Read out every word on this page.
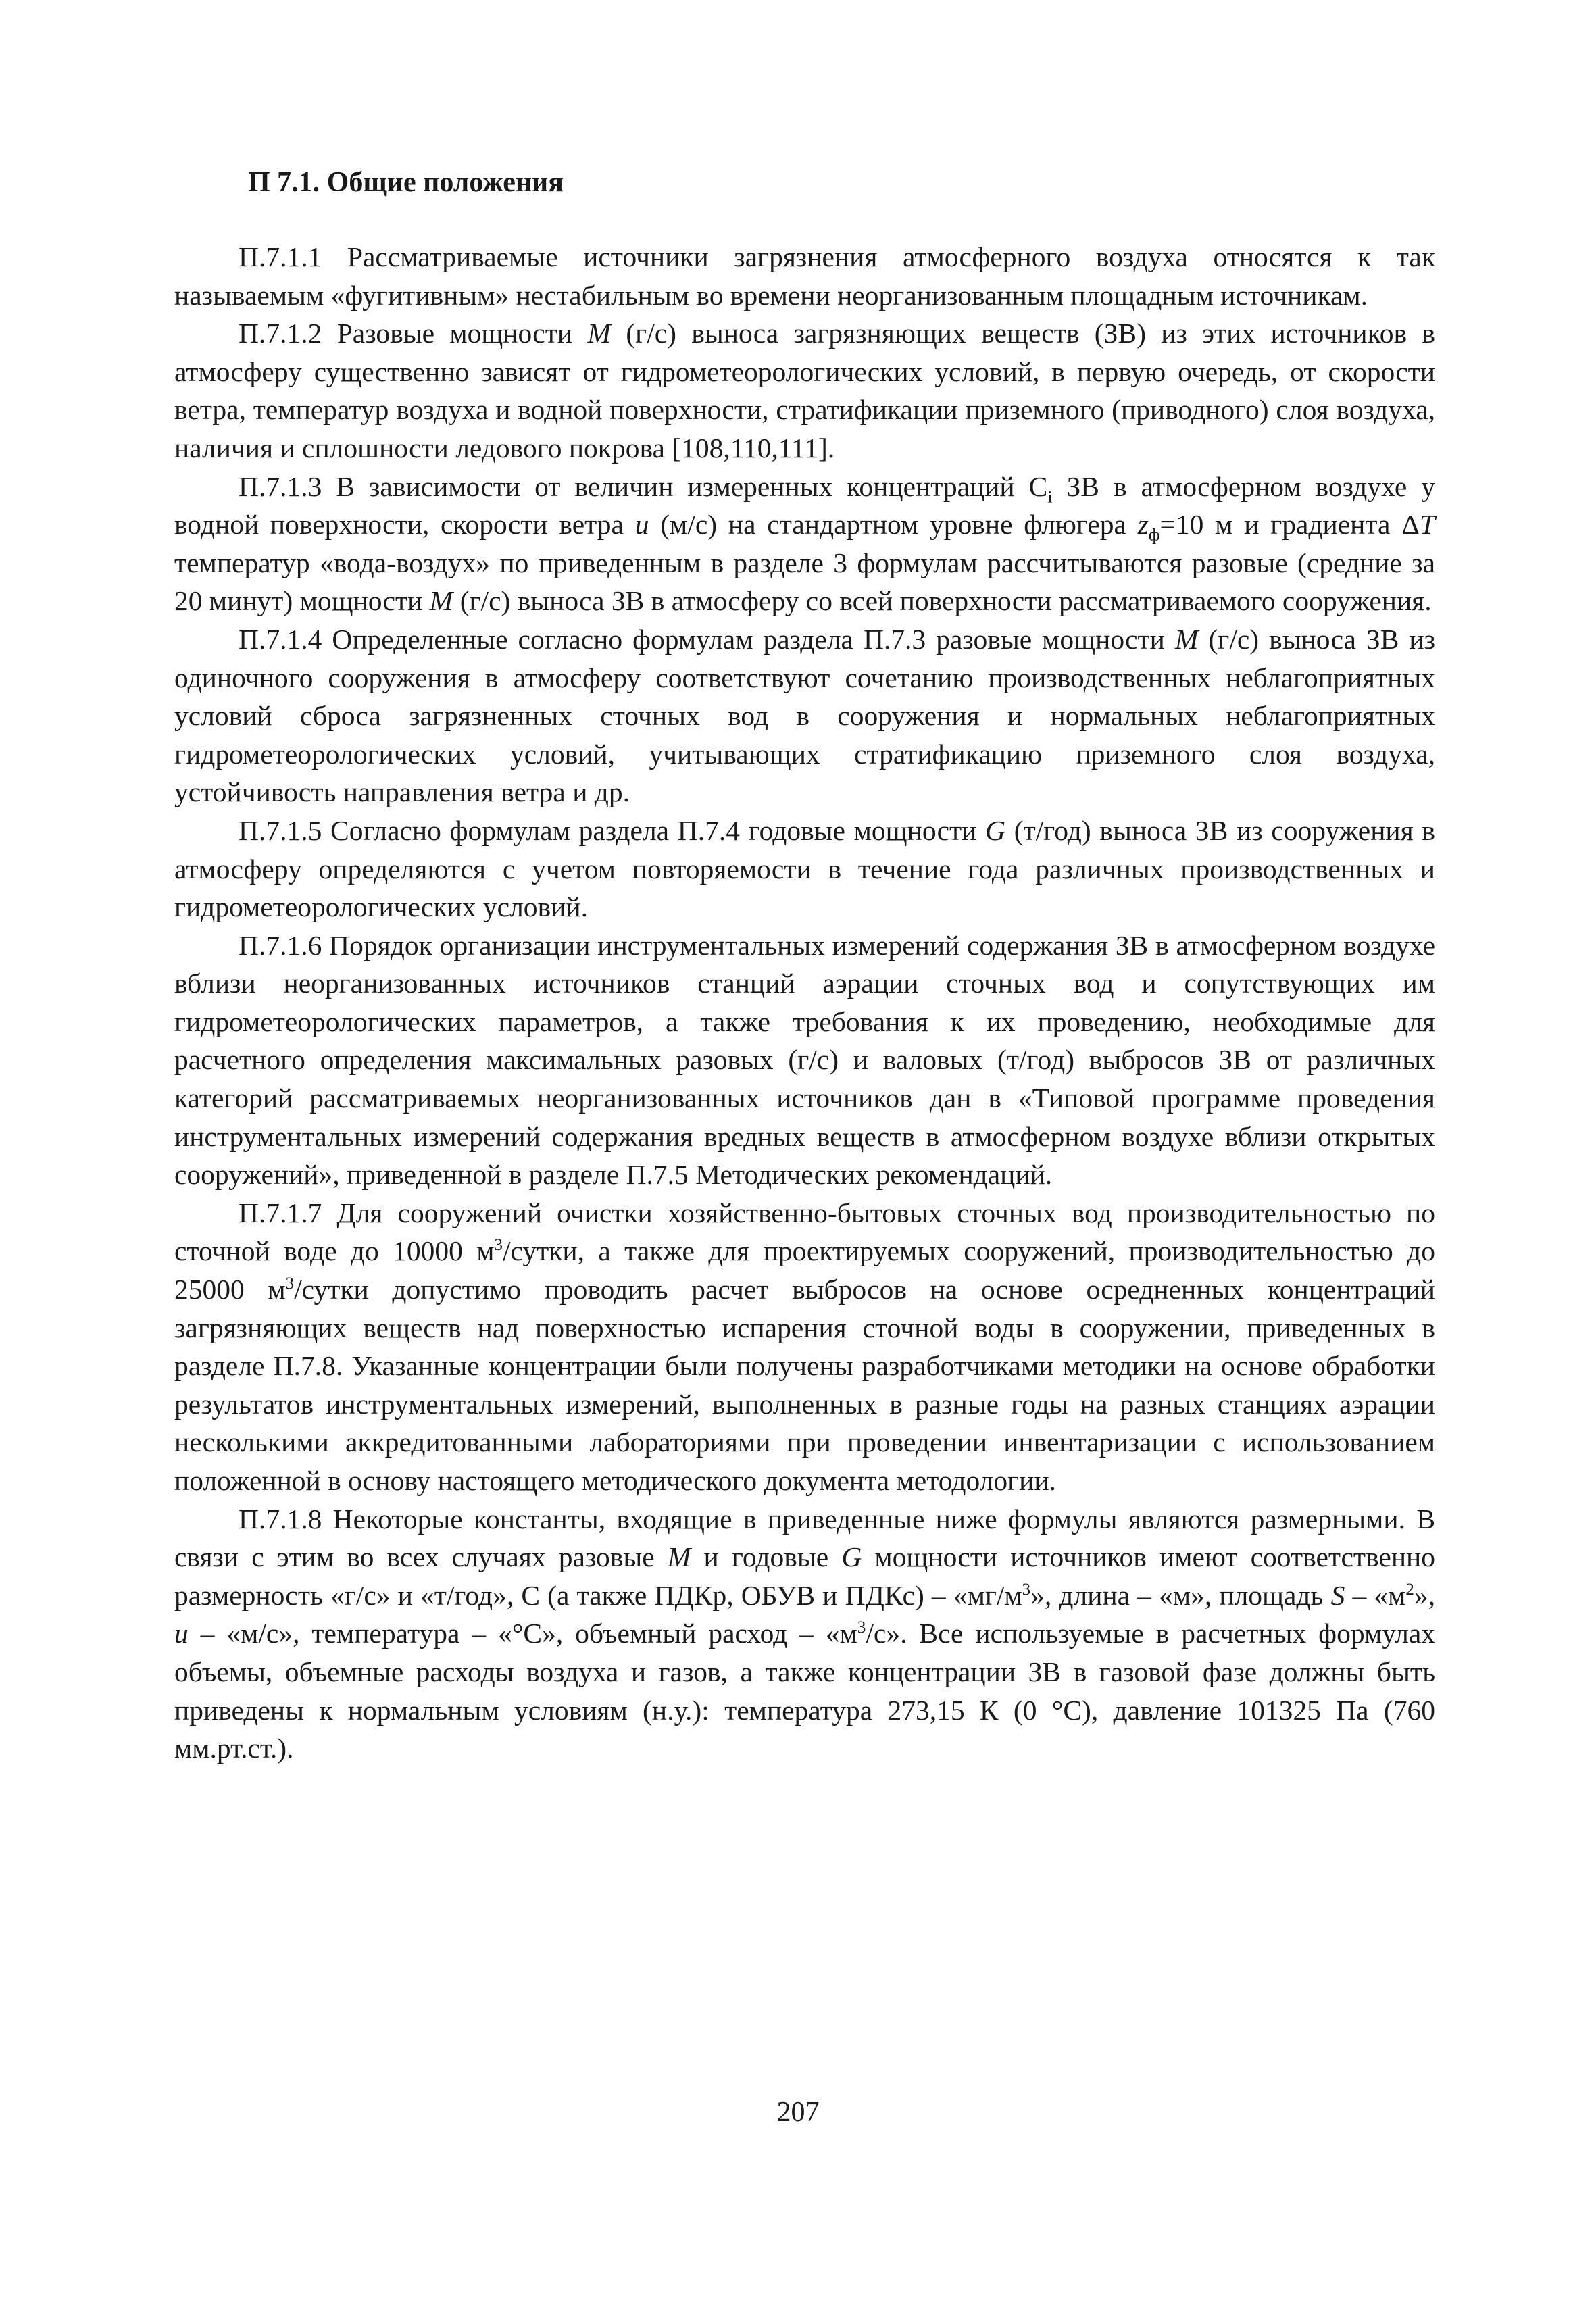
П 7.1. Общие положения

П.7.1.1 Рассматриваемые источники загрязнения атмосферного воздуха относятся к так называемым «фугитивным» нестабильным во времени неорганизованным площадным источникам.

П.7.1.2 Разовые мощности M (г/с) выноса загрязняющих веществ (ЗВ) из этих источников в атмосферу существенно зависят от гидрометеорологических условий, в первую очередь, от скорости ветра, температур воздуха и водной поверхности, стратификации приземного (приводного) слоя воздуха, наличия и сплошности ледового покрова [108,110,111].

П.7.1.3 В зависимости от величин измеренных концентраций $С_i$ ЗВ в атмосферном воздухе у водной поверхности, скорости ветра u (м/с) на стандартном уровне флюгера $z_ф=10$ м и градиента ΔT температур «вода-воздух» по приведенным в разделе 3 формулам рассчитываются разовые (средние за 20 минут) мощности M (г/с) выноса ЗВ в атмосферу со всей поверхности рассматриваемого сооружения.

П.7.1.4 Определенные согласно формулам раздела П.7.3 разовые мощности M (г/с) выноса ЗВ из одиночного сооружения в атмосферу соответствуют сочетанию производственных неблагоприятных условий сброса загрязненных сточных вод в сооружения и нормальных неблагоприятных гидрометеорологических условий, учитывающих стратификацию приземного слоя воздуха, устойчивость направления ветра и др.

П.7.1.5 Согласно формулам раздела П.7.4 годовые мощности G (т/год) выноса ЗВ из сооружения в атмосферу определяются с учетом повторяемости в течение года различных производственных и гидрометеорологических условий.

П.7.1.6 Порядок организации инструментальных измерений содержания ЗВ в атмосферном воздухе вблизи неорганизованных источников станций аэрации сточных вод и сопутствующих им гидрометеорологических параметров, а также требования к их проведению, необходимые для расчетного определения максимальных разовых (г/с) и валовых (т/год) выбросов ЗВ от различных категорий рассматриваемых неорганизованных источников дан в «Типовой программе проведения инструментальных измерений содержания вредных веществ в атмосферном воздухе вблизи открытых сооружений», приведенной в разделе П.7.5 Методических рекомендаций.

П.7.1.7 Для сооружений очистки хозяйственно-бытовых сточных вод производительностью по сточной воде до 10000 $м^3$/сутки, а также для проектируемых сооружений, производительностью до 25000 $м^3$/сутки допустимо проводить расчет выбросов на основе осредненных концентраций загрязняющих веществ над поверхностью испарения сточной воды в сооружении, приведенных в разделе П.7.8. Указанные концентрации были получены разработчиками методики на основе обработки результатов инструментальных измерений, выполненных в разные годы на разных станциях аэрации несколькими аккредитованными лабораториями при проведении инвентаризации с использованием положенной в основу настоящего методического документа методологии.

П.7.1.8 Некоторые константы, входящие в приведенные ниже формулы являются размерными. В связи с этим во всех случаях разовые M и годовые G мощности источников имеют соответственно размерность «г/с» и «т/год», С (а также ПДКр, ОБУВ и ПДКс) – «$мг/м^3$», длина – «м», площадь S – «$м^2$», u – «м/с», температура – «°С», объемный расход – «$м^3/с$». Все используемые в расчетных формулах объемы, объемные расходы воздуха и газов, а также концентрации ЗВ в газовой фазе должны быть приведены к нормальным условиям (н.у.): температура 273,15 К (0 °С), давление 101325 Па (760 мм.рт.ст.).

207
